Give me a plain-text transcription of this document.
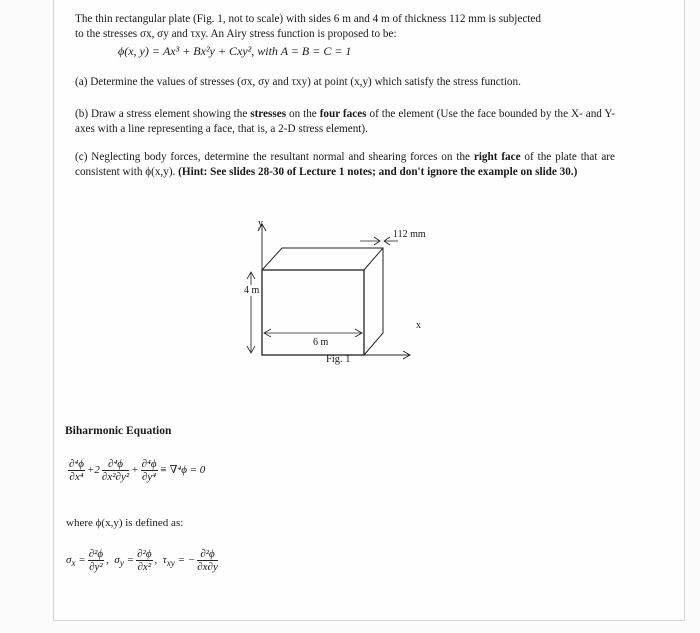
The thin rectangular plate (Fig. 1, not to scale) with sides 6 m and 4 m of thickness 112 mm is subjected
to the stresses σx, σy and τxy. An Airy stress function is proposed to be:
ϕ(x, y) = Ax³ + Bx²y + Cxy², with A = B = C = 1
(a) Determine the values of stresses (σx, σy and τxy) at point (x,y) which satisfy the stress function.
(b) Draw a stress element showing the stresses on the four faces of the element (Use the face bounded by the X- and Y-axes with a line representing a face, that is, a 2-D stress element).
(c) Neglecting body forces, determine the resultant normal and shearing forces on the right face of the plate that are consistent with ϕ(x,y). (Hint: See slides 28-30 of Lecture 1 notes; and don't ignore the example on slide 30.)
y
x
112 mm
4 m
6 m
Fig. 1
Biharmonic Equation
$\frac{\text{∂⁴ϕ}}{\text{∂x⁴}} +2 \frac{\text{∂⁴ϕ}}{\text{∂x²∂y²}} + \frac{\text{∂⁴ϕ}}{\text{∂y⁴}} \equiv \nabla^4\phi = 0$
where ϕ(x,y) is defined as:
$\sigma_x = \frac{\text{∂²ϕ}}{\text{∂y²}}$ ,  $\sigma_y = \frac{\text{∂²ϕ}}{\text{∂x²}}$ ,  $\tau_{xy}$ = − $\frac{\text{∂²ϕ}}{\partial x\partial y}$
